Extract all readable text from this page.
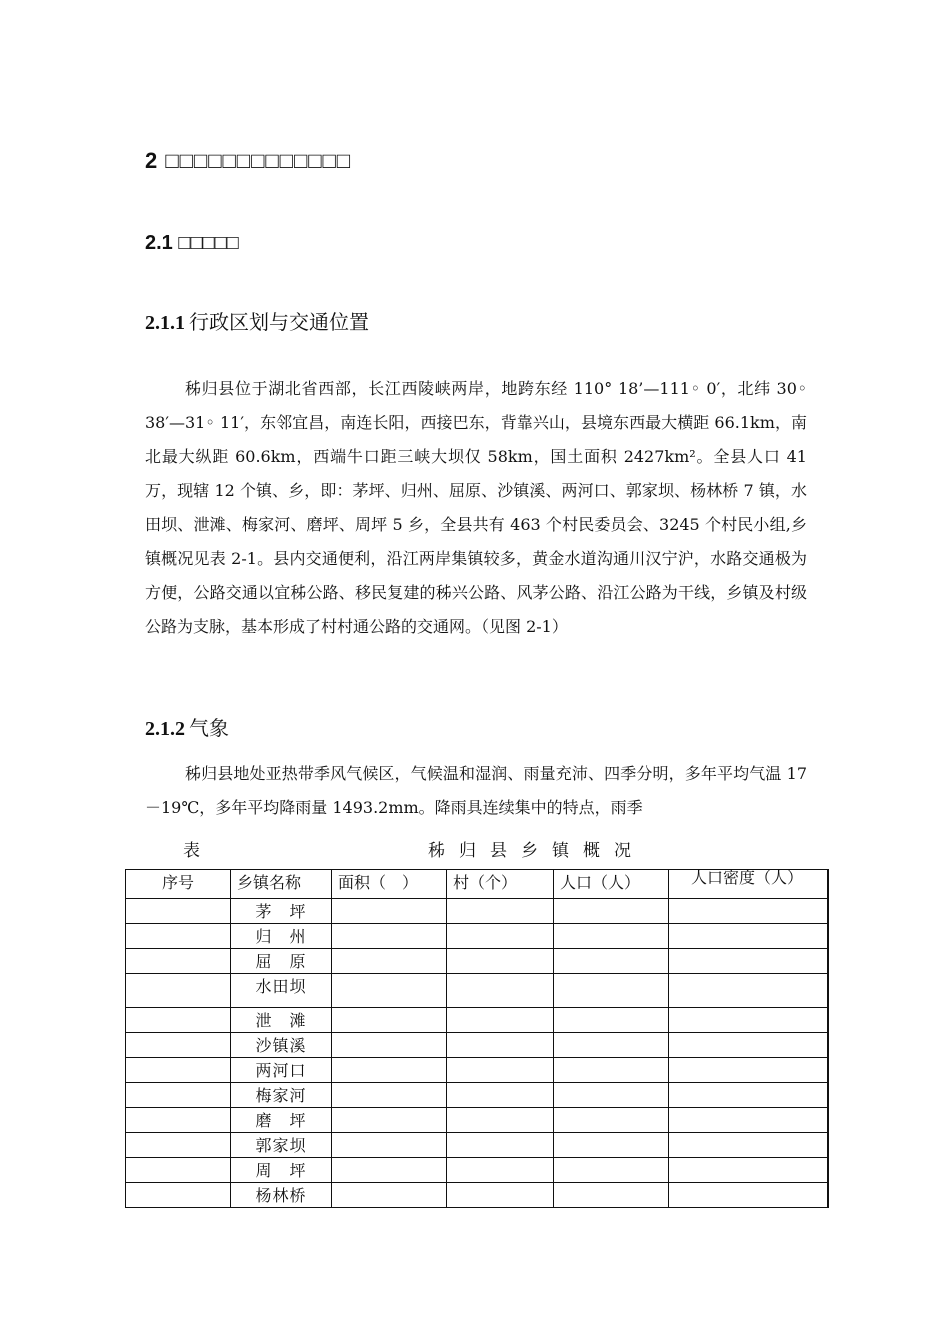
2 □□□□□□□□□□□□□
2.1 □□□□□
2.1.1 行政区划与交通位置

秭归县位于湖北省西部，长江西陵峡两岸，地跨东经 110° 18’—111◦ 0′，北纬 30◦ 38′—31◦ 11′，东邻宜昌，南连长阳，西接巴东，背靠兴山，县境东西最大横距 66.1km，南北最大纵距 60.6km，西端牛口距三峡大坝仅 58km，国土面积 2427km²。全县人口 41 万，现辖 12 个镇、乡，即：茅坪、归州、屈原、沙镇溪、两河口、郭家坝、杨林桥 7 镇，水田坝、泄滩、梅家河、磨坪、周坪 5 乡，全县共有 463 个村民委员会、3245 个村民小组,乡镇概况见表 2-1。县内交通便利，沿江两岸集镇较多，黄金水道沟通川汉宁沪，水路交通极为方便，公路交通以宜秭公路、移民复建的秭兴公路、风茅公路、沿江公路为干线，乡镇及村级公路为支脉，基本形成了村村通公路的交通网。（见图 2-1）

2.1.2 气象

秭归县地处亚热带季风气候区，气候温和湿润、雨量充沛、四季分明，多年平均气温 17－19℃，多年平均降雨量 1493.2mm。降雨具连续集中的特点，雨季

表	秭归县乡镇概况
序号	乡镇名称	面积（　）	村（个）	人口（人）	人口密度（人）
	茅　坪				
	归　州				
	屈　原				
	水田坝				
	泄　滩				
	沙镇溪				
	两河口				
	梅家河				
	磨　坪				
	郭家坝				
	周　坪				
	杨林桥				
